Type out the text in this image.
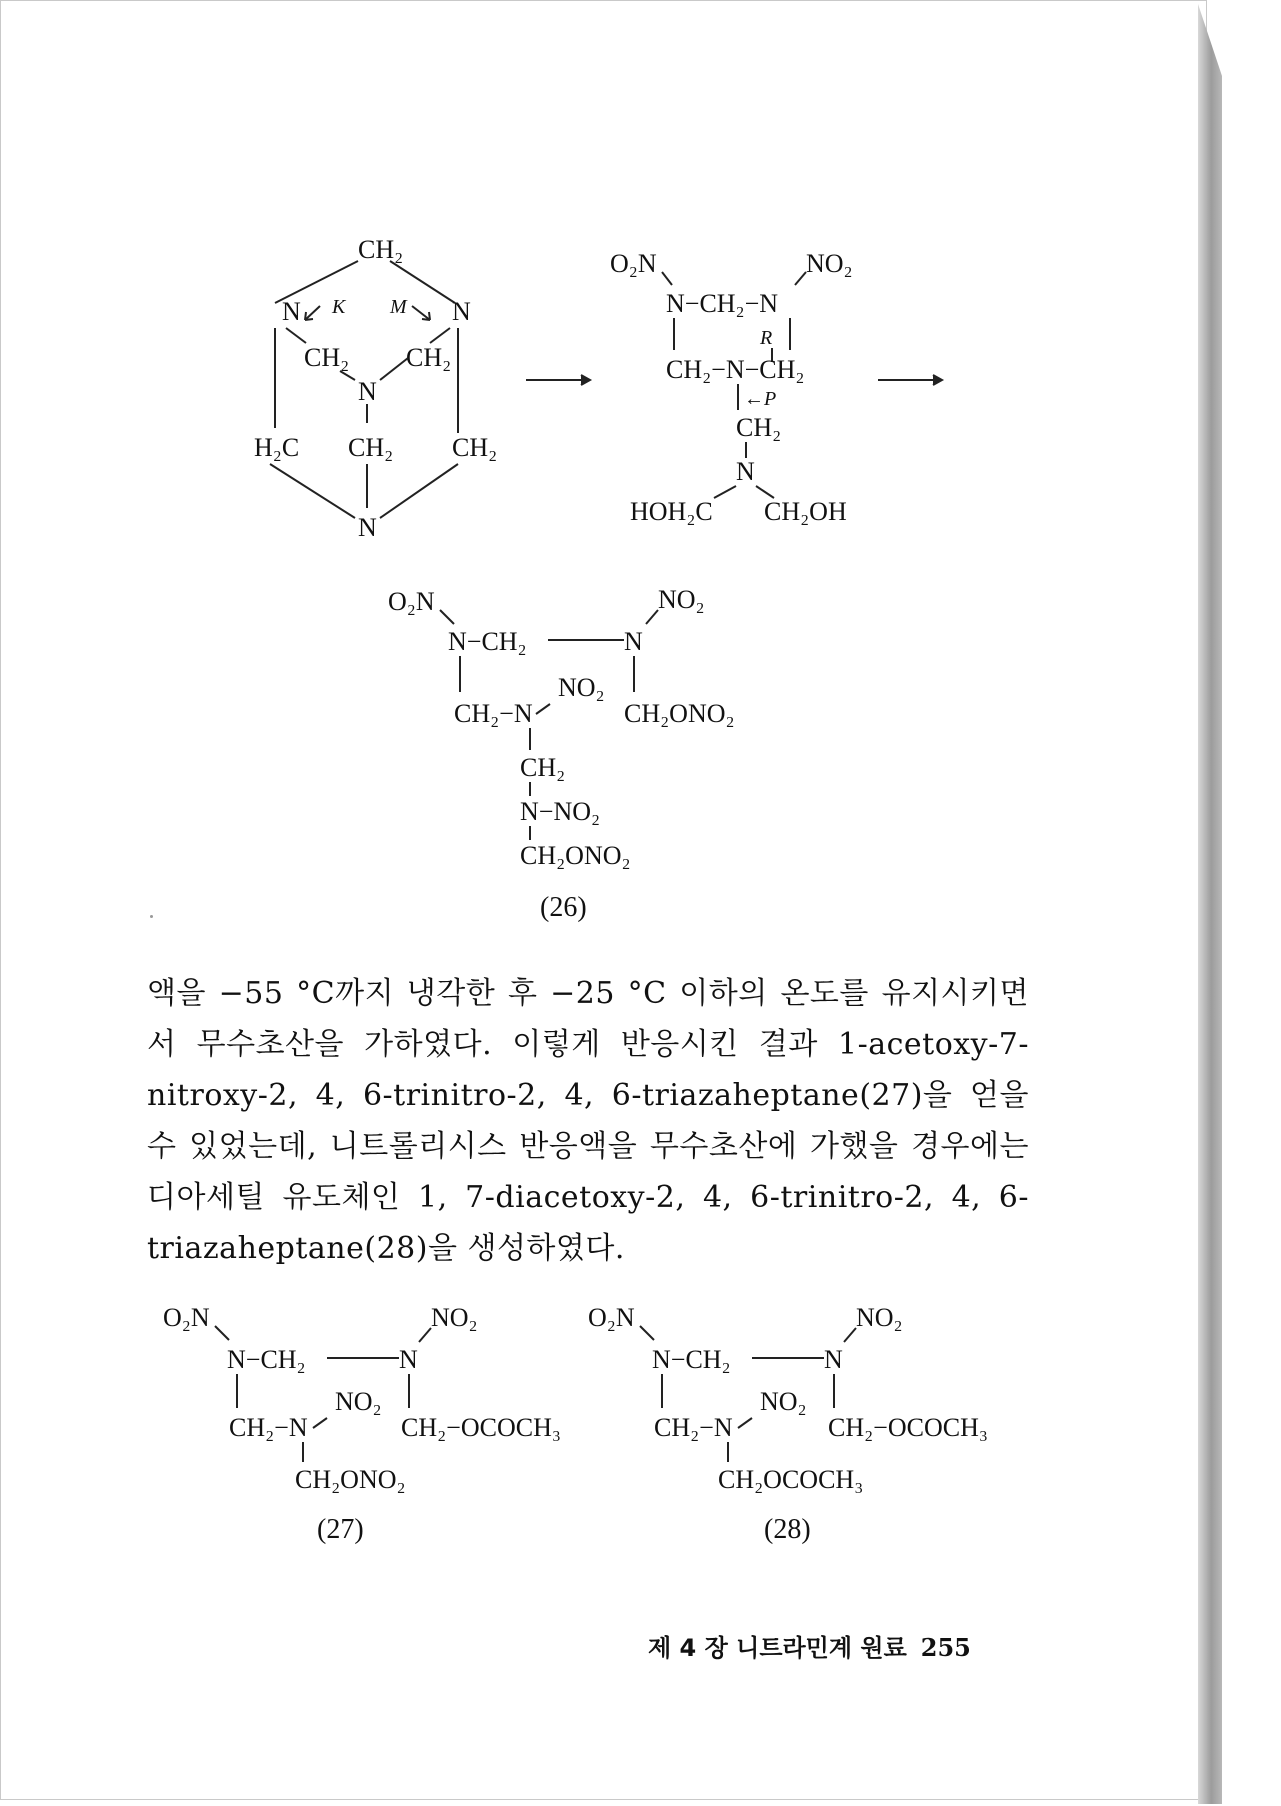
CH₂
N	N
K M
CH₂ CH₂
N
H₂C CH₂ CH₂
N
O₂N	NO₂
N−CH₂−N
R
CH₂−N−CH₂
←P
CH₂
N
HOH₂C CH₂OH
O₂N	NO₂
N−CH₂	N
NO₂
CH₂−N	CH₂ONO₂
CH₂
N−NO₂
CH₂ONO₂
(26)

액을 −55 °C까지 냉각한 후 −25 °C 이하의 온도를 유지시키면서 무수초산을 가하였다. 이렇게 반응시킨 결과 1-acetoxy-7-nitroxy-2, 4, 6-trinitro-2, 4, 6-triazaheptane(27)을 얻을 수 있었는데, 니트롤리시스 반응액을 무수초산에 가했을 경우에는 디아세틸 유도체인 1, 7-diacetoxy-2, 4, 6-trinitro-2, 4, 6-triazaheptane(28)을 생성하였다.

O₂N	NO₂
N−CH₂	N
NO₂
CH₂−N	CH₂−OCOCH₃
CH₂ONO₂
(27)
O₂N	NO₂
N−CH₂	N
NO₂
CH₂−N	CH₂−OCOCH₃
CH₂OCOCH₃
(28)
제 4 장 니트라민계 원료 255
